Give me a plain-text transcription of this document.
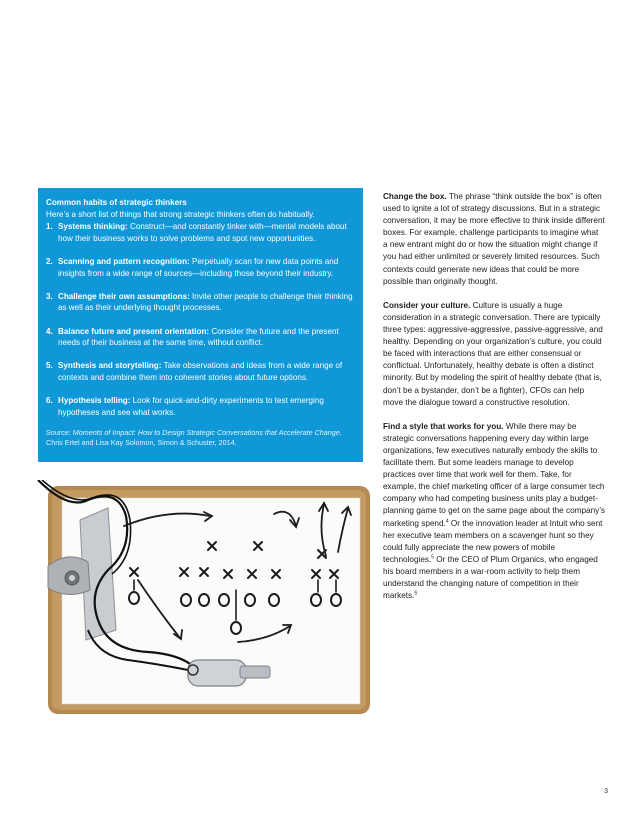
Common habits of strategic thinkers

Here’s a short list of things that strong strategic thinkers often do habitually.

1. Systems thinking: Construct—and constantly tinker with—mental models about how their business works to solve problems and spot new opportunities.
2. Scanning and pattern recognition: Perpetually scan for new data points and insights from a wide range of sources—including those beyond their industry.
3. Challenge their own assumptions: Invite other people to challenge their thinking as well as their underlying thought processes.
4. Balance future and present orientation: Consider the future and the present needs of their business at the same time, without conflict.
5. Synthesis and storytelling: Take observations and ideas from a wide range of contexts and combine them into coherent stories about future options.
6. Hypothesis telling: Look for quick-and-dirty experiments to test emerging hypotheses and see what works.

Source: Moments of Impact: How to Design Strategic Conversations that Accelerate Change, Chris Ertel and Lisa Kay Solomon, Simon & Schuster, 2014.

Change the box. The phrase “think outside the box” is often used to ignite a lot of strategy discussions. But in a strategic conversation, it may be more effective to think inside different boxes. For example, challenge participants to imagine what a new entrant might do or how the situation might change if you had either unlimited or severely limited resources. Such contexts could generate new ideas that could be more possible than originally thought.

Consider your culture. Culture is usually a huge consideration in a strategic conversation. There are typically three types: aggressive-aggressive, passive-aggressive, and healthy. Depending on your organization’s culture, you could be faced with interactions that are either consensual or conflictual. Unfortunately, healthy debate is often a distinct minority. But by modeling the spirit of healthy debate (that is, don’t be a bystander, don’t be a fighter), CFOs can help move the dialogue toward a constructive resolution.

Find a style that works for you. While there may be strategic conversations happening every day within large organizations, few executives naturally embody the skills to facilitate them. But some leaders manage to develop practices over time that work well for them. Take, for example, the chief marketing officer of a large consumer tech company who had competing business units play a budget-planning game to get on the same page about the company’s marketing spend.$^4$ Or the innovation leader at Intuit who sent her executive team members on a scavenger hunt so they could fully appreciate the new powers of mobile technologies.$^5$ Or the CEO of Plum Organics, who engaged his board members in a war-room activity to help them understand the changing nature of competition in their markets.$^6$

3
